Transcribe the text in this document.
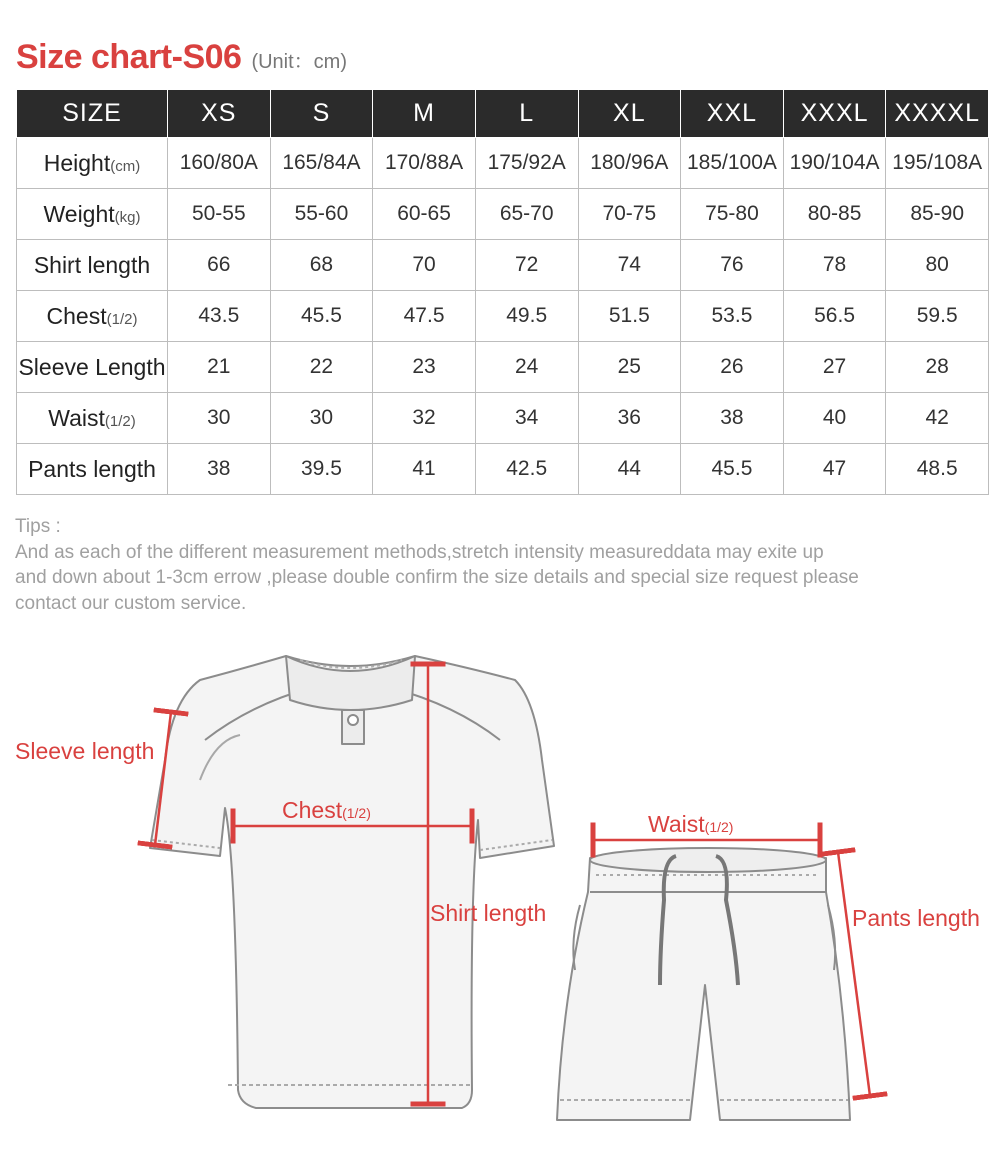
Size chart-S06 (Unit：cm)
SIZE	XS	S	M	L	XL	XXL	XXXL	XXXXL
Height(cm)	160/80A	165/84A	170/88A	175/92A	180/96A	185/100A	190/104A	195/108A
Weight(kg)	50-55	55-60	60-65	65-70	70-75	75-80	80-85	85-90
Shirt length	66	68	70	72	74	76	78	80
Chest(1/2)	43.5	45.5	47.5	49.5	51.5	53.5	56.5	59.5
Sleeve Length	21	22	23	24	25	26	27	28
Waist(1/2)	30	30	32	34	36	38	40	42
Pants length	38	39.5	41	42.5	44	45.5	47	48.5
Tips :
And as each of the different measurement methods,stretch intensity measureddata may exite up
and down about 1-3cm errow ,please double confirm the size details and special size request please
contact our custom service.
Sleeve length
Chest(1/2)
Shirt length
Waist(1/2)
Pants length
